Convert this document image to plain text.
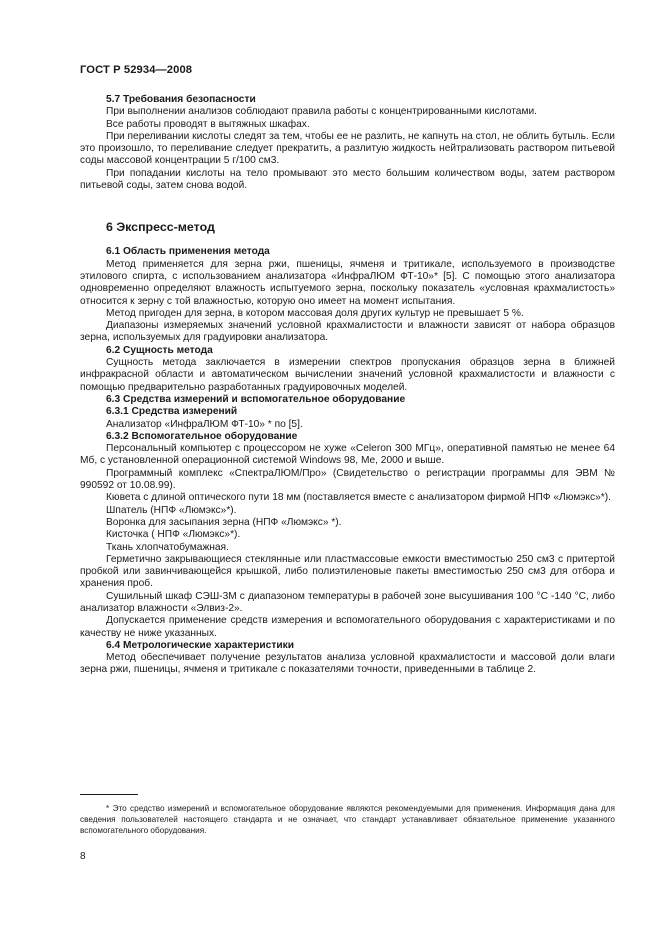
ГОСТ Р 52934—2008
5.7 Требования безопасности

При выполнении анализов соблюдают правила работы с концентрированными кислотами.

Все работы проводят в вытяжных шкафах.

При переливании кислоты следят за тем, чтобы ее не разлить, не капнуть на стол, не облить бутыль. Если это произошло, то переливание следует прекратить, а разлитую жидкость нейтрализовать раствором питьевой соды массовой концентрации 5 г/100 см3.

При попадании кислоты на тело промывают это место большим количеством воды, затем раствором питьевой соды, затем снова водой.

6 Экспресс-метод
6.1 Область применения метода

Метод применяется для зерна ржи, пшеницы, ячменя и тритикале, используемого в производстве этилового спирта, с использованием анализатора «ИнфраЛЮМ ФТ-10»* [5]. С помощью этого анализатора одновременно определяют влажность испытуемого зерна, поскольку показатель «условная крахмалистость» относится к зерну с той влажностью, которую оно имеет на момент испытания.

Метод пригоден для зерна, в котором массовая доля других культур не превышает 5 %.

Диапазоны измеряемых значений условной крахмалистости и влажности зависят от набора образцов зерна, используемых для градуировки анализатора.

6.2 Сущность метода

Сущность метода заключается в измерении спектров пропускания образцов зерна в ближней инфракрасной области и автоматическом вычислении значений условной крахмалистости и влажности с помощью предварительно разработанных градуировочных моделей.

6.3 Средства измерений и вспомогательное оборудование
6.3.1 Средства измерений

Анализатор «ИнфраЛЮМ ФТ-10» * по [5].

6.3.2 Вспомогательное оборудование

Персональный компьютер с процессором не хуже «Celeron 300 МГц», оперативной памятью не менее 64 Мб, с установленной операционной системой Windows 98, Me, 2000 и выше.

Программный комплекс «СпектраЛЮМ/Про» (Свидетельство о регистрации программы для ЭВМ № 990592 от 10.08.99).

Кювета с длиной оптического пути 18 мм (поставляется вместе с анализатором фирмой НПФ «Люмэкс»*).

Шпатель (НПФ «Люмэкс»*).

Воронка для засыпания зерна (НПФ «Люмэкс» *).

Кисточка ( НПФ «Люмэкс»*).

Ткань хлопчатобумажная.

Герметично закрывающиеся стеклянные или пластмассовые емкости вместимостью 250 см3 с притертой пробкой или завинчивающейся крышкой, либо полиэтиленовые пакеты вместимостью 250 см3 для отбора и хранения проб.

Сушильный шкаф СЭШ-3М с диапазоном температуры в рабочей зоне высушивания 100 °С -140 °С, либо анализатор влажности «Элвиз-2».

Допускается применение средств измерения и вспомогательного оборудования с характеристиками и по качеству не ниже указанных.

6.4 Метрологические характеристики

Метод обеспечивает получение результатов анализа условной крахмалистости и массовой доли влаги зерна ржи, пшеницы, ячменя и тритикале с показателями точности, приведенными в таблице 2.

* Это средство измерений и вспомогательное оборудование являются рекомендуемыми для применения. Информация дана для сведения пользователей настоящего стандарта и не означает, что стандарт устанавливает обязательное применение указанного вспомогательного оборудования.

8
